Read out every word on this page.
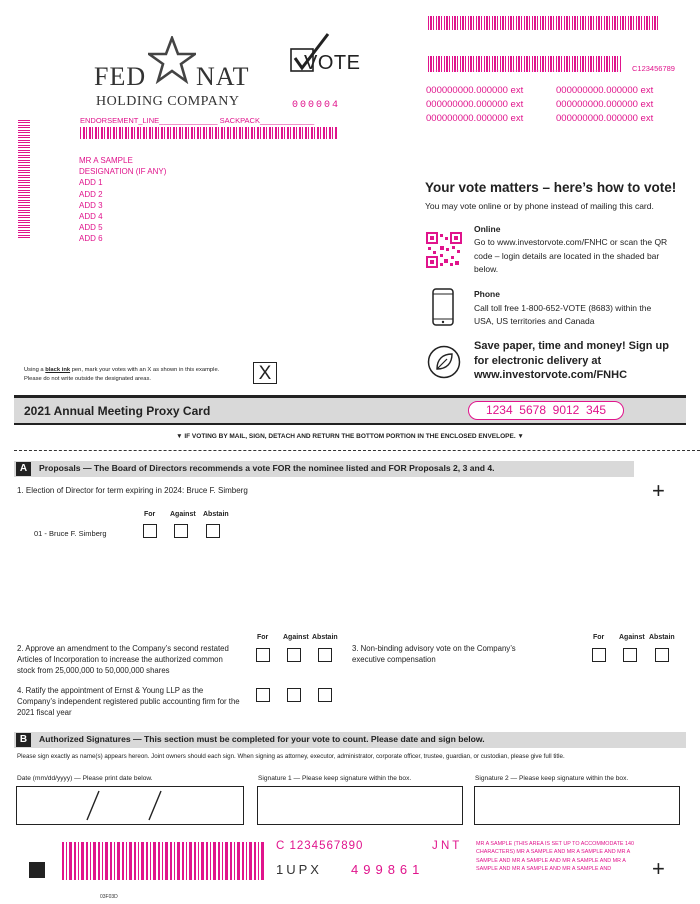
FED NAT
HOLDING COMPANY
VOTE
000004
C123456789
000000000.000000 ext	000000000.000000 ext
000000000.000000 ext	000000000.000000 ext
000000000.000000 ext	000000000.000000 ext
ENDORSEMENT_LINE______________ SACKPACK_____________
MR A SAMPLE
DESIGNATION (IF ANY)
ADD 1
ADD 2
ADD 3
ADD 4
ADD 5
ADD 6
Your vote matters – here’s how to vote!
You may vote online or by phone instead of mailing this card.
Online
Go to www.investorvote.com/FNHC or scan the QR code – login details are located in the shaded bar below.
Phone
Call toll free 1-800-652-VOTE (8683) within the USA, US territories and Canada
Save paper, time and money! Sign up for electronic delivery at www.investorvote.com/FNHC
Using a black ink pen, mark your votes with an X as shown in this example.
Please do not write outside the designated areas.	X
2021 Annual Meeting Proxy Card	1234  5678  9012  345
▼ IF VOTING BY MAIL, SIGN, DETACH AND RETURN THE BOTTOM PORTION IN THE ENCLOSED ENVELOPE. ▼
A	Proposals — The Board of Directors recommends a vote FOR the nominee listed and FOR Proposals 2, 3 and 4.
1. Election of Director for term expiring in 2024: Bruce F. Simberg	+
For Against Abstain
01 - Bruce F. Simberg
For Against Abstain
2. Approve an amendment to the Company’s second restated Articles of Incorporation to increase the authorized common stock from 25,000,000 to 50,000,000 shares
For Against Abstain
3. Non-binding advisory vote on the Company’s executive compensation
4. Ratify the appointment of Ernst & Young LLP as the Company’s independent registered public accounting firm for the 2021 fiscal year
B	Authorized Signatures — This section must be completed for your vote to count. Please date and sign below.
Please sign exactly as name(s) appears hereon. Joint owners should each sign. When signing as attorney, executor, administrator, corporate officer, trustee, guardian, or custodian, please give full title.
Date (mm/dd/yyyy) — Please print date below.	Signature 1 — Please keep signature within the box.	Signature 2 — Please keep signature within the box.
C 1234567890	J N T
1UPX 499861
MR A SAMPLE (THIS AREA IS SET UP TO ACCOMMODATE 140 CHARACTERS) MR A SAMPLE AND MR A SAMPLE AND MR A SAMPLE AND MR A SAMPLE AND MR A SAMPLE AND MR A SAMPLE AND MR A SAMPLE AND MR A SAMPLE AND	+
03F03D
